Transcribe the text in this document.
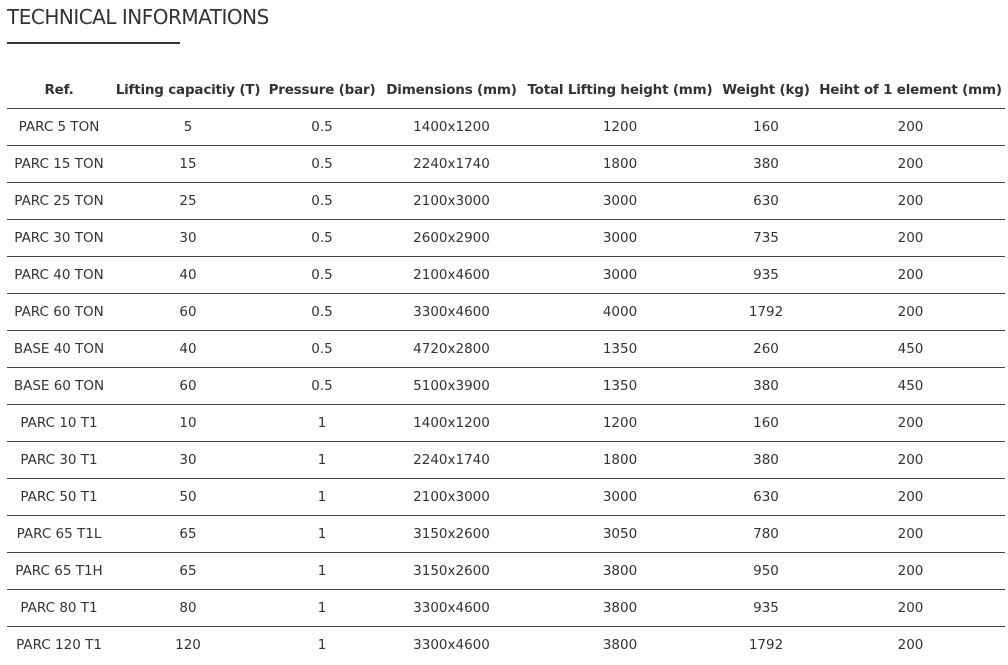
TECHNICAL INFORMATIONS
Ref.	Lifting capacitiy (T)	Pressure (bar)	Dimensions (mm)	Total Lifting height (mm)	Weight (kg)	Heiht of 1 element (mm)
PARC 5 TON	5	0.5	1400x1200	1200	160	200
PARC 15 TON	15	0.5	2240x1740	1800	380	200
PARC 25 TON	25	0.5	2100x3000	3000	630	200
PARC 30 TON	30	0.5	2600x2900	3000	735	200
PARC 40 TON	40	0.5	2100x4600	3000	935	200
PARC 60 TON	60	0.5	3300x4600	4000	1792	200
BASE 40 TON	40	0.5	4720x2800	1350	260	450
BASE 60 TON	60	0.5	5100x3900	1350	380	450
PARC 10 T1	10	1	1400x1200	1200	160	200
PARC 30 T1	30	1	2240x1740	1800	380	200
PARC 50 T1	50	1	2100x3000	3000	630	200
PARC 65 T1L	65	1	3150x2600	3050	780	200
PARC 65 T1H	65	1	3150x2600	3800	950	200
PARC 80 T1	80	1	3300x4600	3800	935	200
PARC 120 T1	120	1	3300x4600	3800	1792	200
